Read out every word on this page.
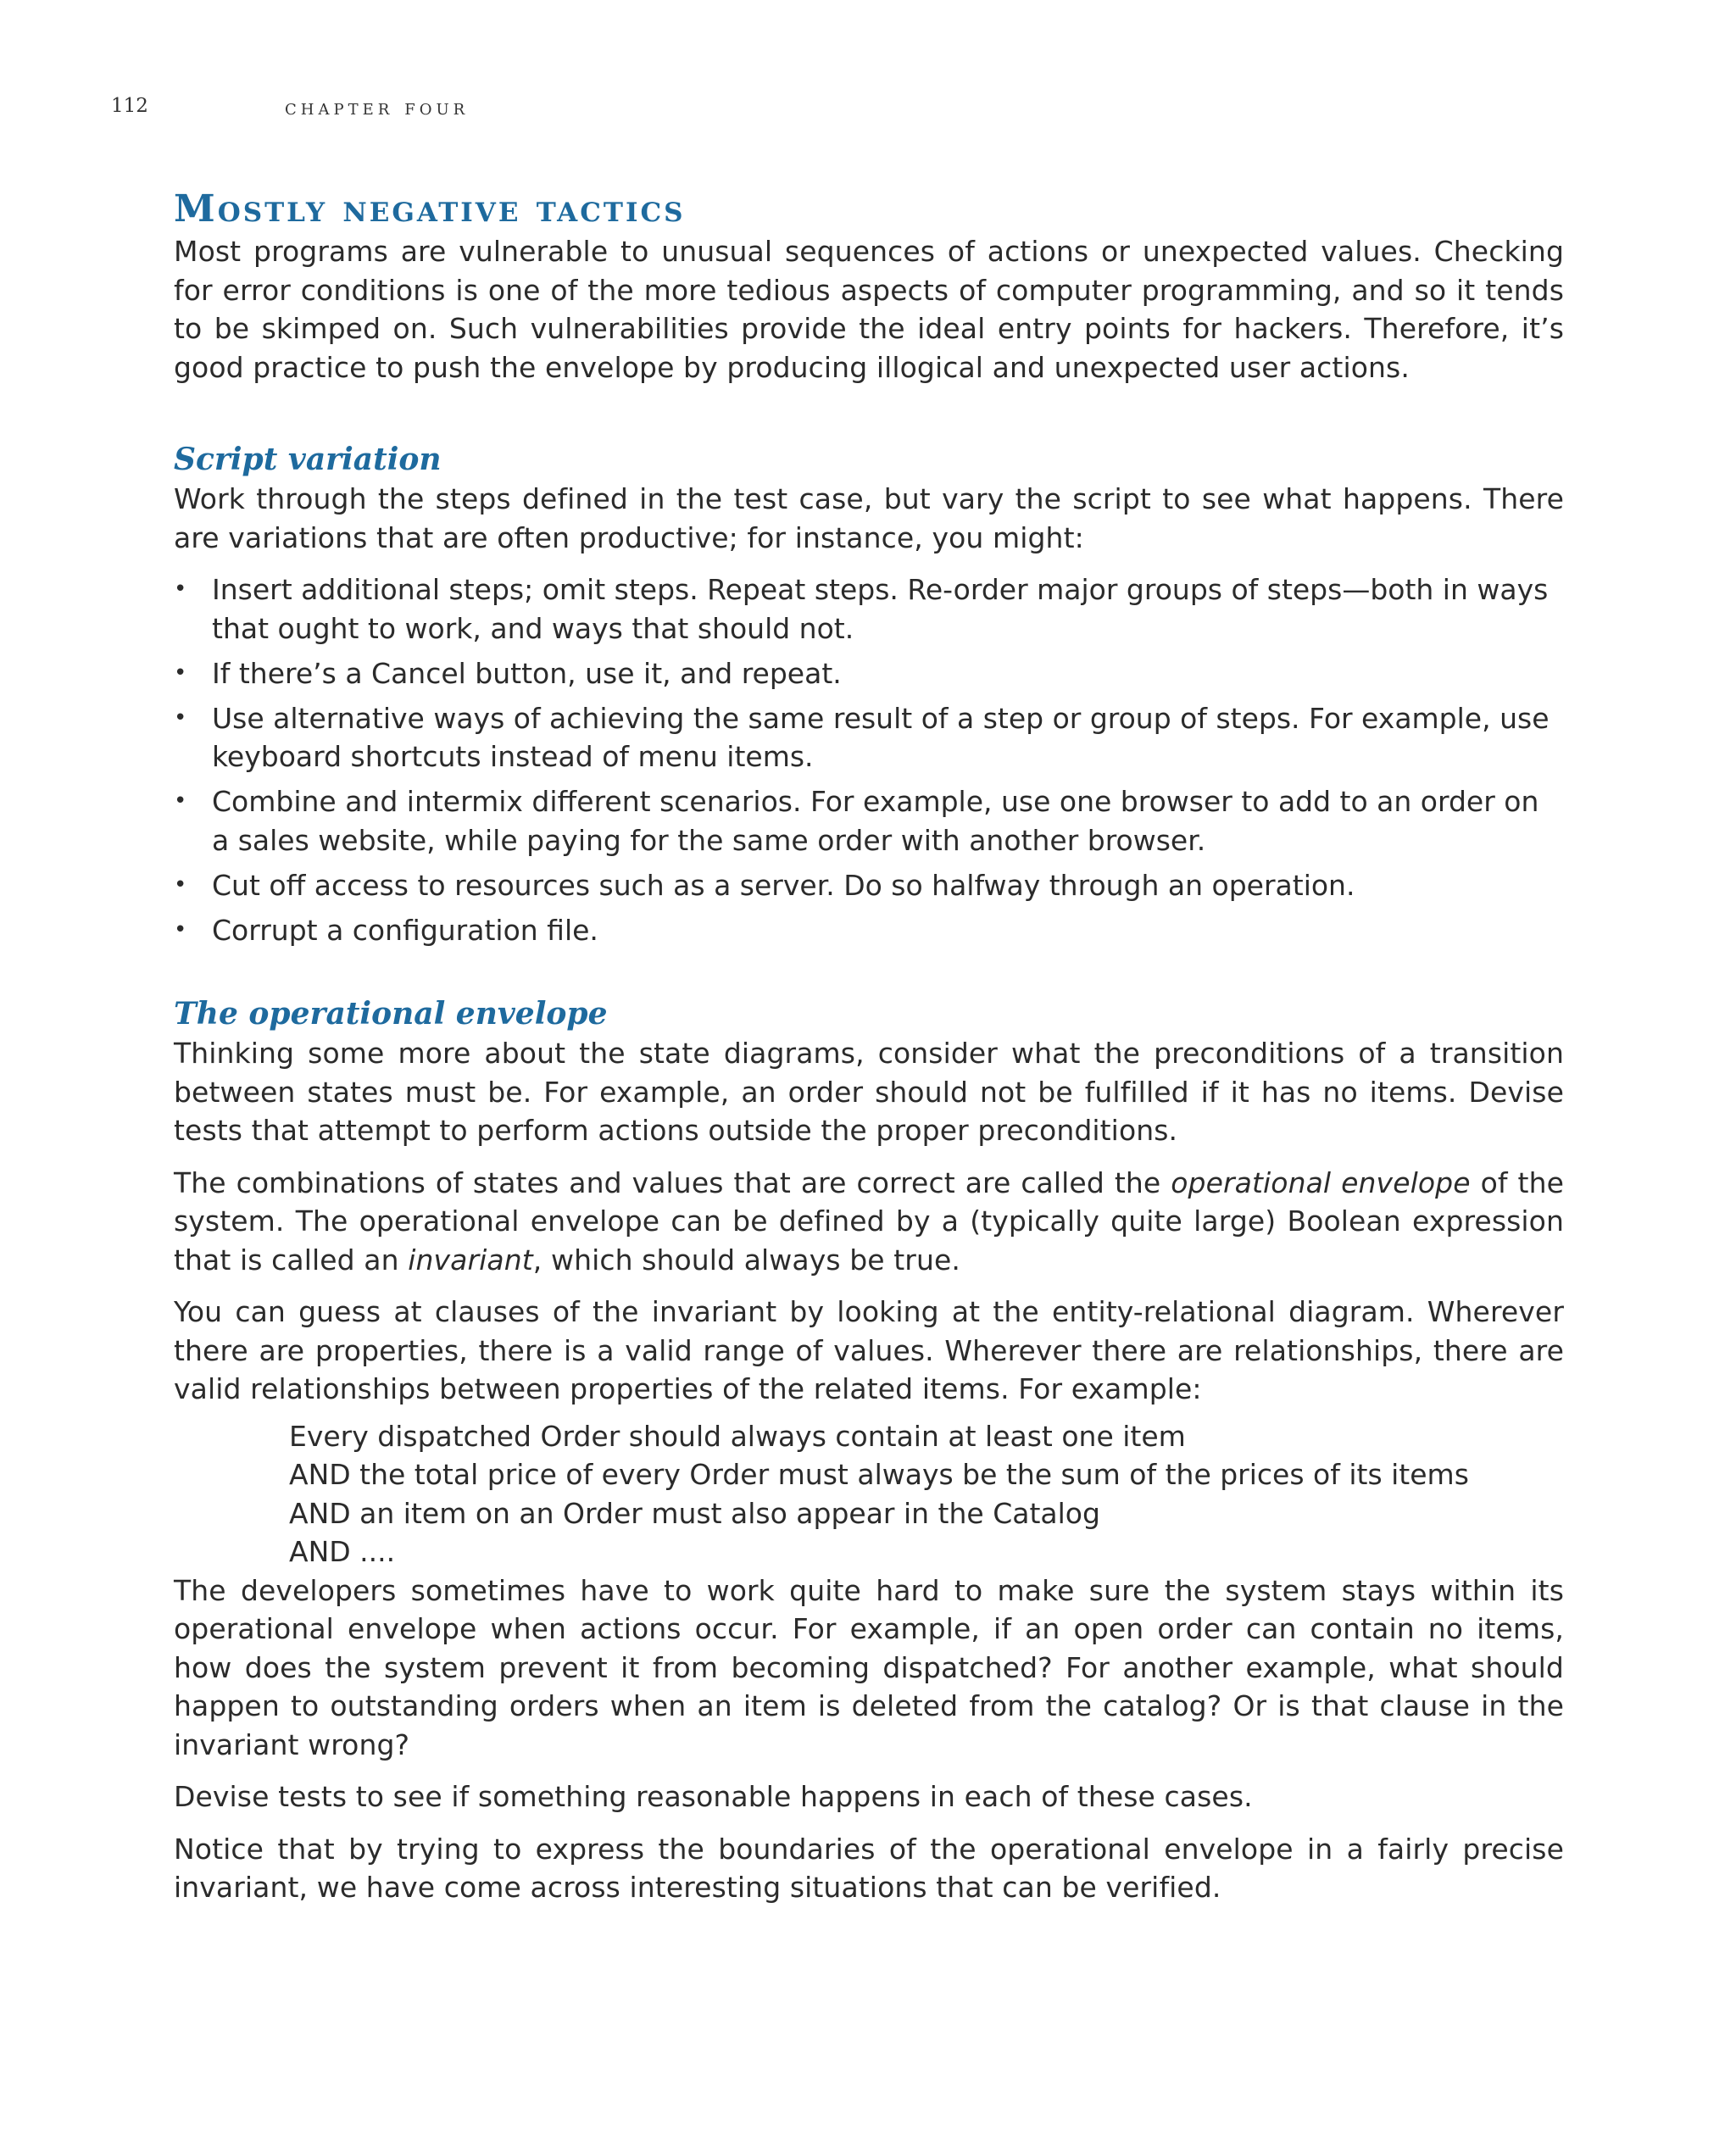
112	chapter four
Mostly negative tactics

Most programs are vulnerable to unusual sequences of actions or unexpected values. Checking for error conditions is one of the more tedious aspects of computer programming, and so it tends to be skimped on. Such vulnerabilities provide the ideal entry points for hackers. Therefore, it’s good practice to push the envelope by producing illogical and unexpected user actions.

Script variation

Work through the steps defined in the test case, but vary the script to see what happens. There are variations that are often productive; for instance, you might:

• Insert additional steps; omit steps. Repeat steps. Re-order major groups of steps—both in ways that ought to work, and ways that should not.
• If there’s a Cancel button, use it, and repeat.
• Use alternative ways of achieving the same result of a step or group of steps. For example, use keyboard shortcuts instead of menu items.
• Combine and intermix different scenarios. For example, use one browser to add to an order on a sales website, while paying for the same order with another browser.
• Cut off access to resources such as a server. Do so halfway through an operation.
• Corrupt a configuration file.
The operational envelope

Thinking some more about the state diagrams, consider what the preconditions of a transition between states must be. For example, an order should not be fulfilled if it has no items. Devise tests that attempt to perform actions outside the proper preconditions.

The combinations of states and values that are correct are called the operational envelope of the system. The operational envelope can be defined by a (typically quite large) Boolean expression that is called an invariant, which should always be true.

You can guess at clauses of the invariant by looking at the entity-relational diagram. Wherever there are properties, there is a valid range of values. Wherever there are relationships, there are valid relationships between properties of the related items. For example:

Every dispatched Order should always contain at least one item
AND the total price of every Order must always be the sum of the prices of its items
AND an item on an Order must also appear in the Catalog
AND ....

The developers sometimes have to work quite hard to make sure the system stays within its operational envelope when actions occur. For example, if an open order can contain no items, how does the system prevent it from becoming dispatched? For another example, what should happen to outstanding orders when an item is deleted from the catalog? Or is that clause in the invariant wrong?

Devise tests to see if something reasonable happens in each of these cases.

Notice that by trying to express the boundaries of the operational envelope in a fairly precise invariant, we have come across interesting situations that can be verified.
